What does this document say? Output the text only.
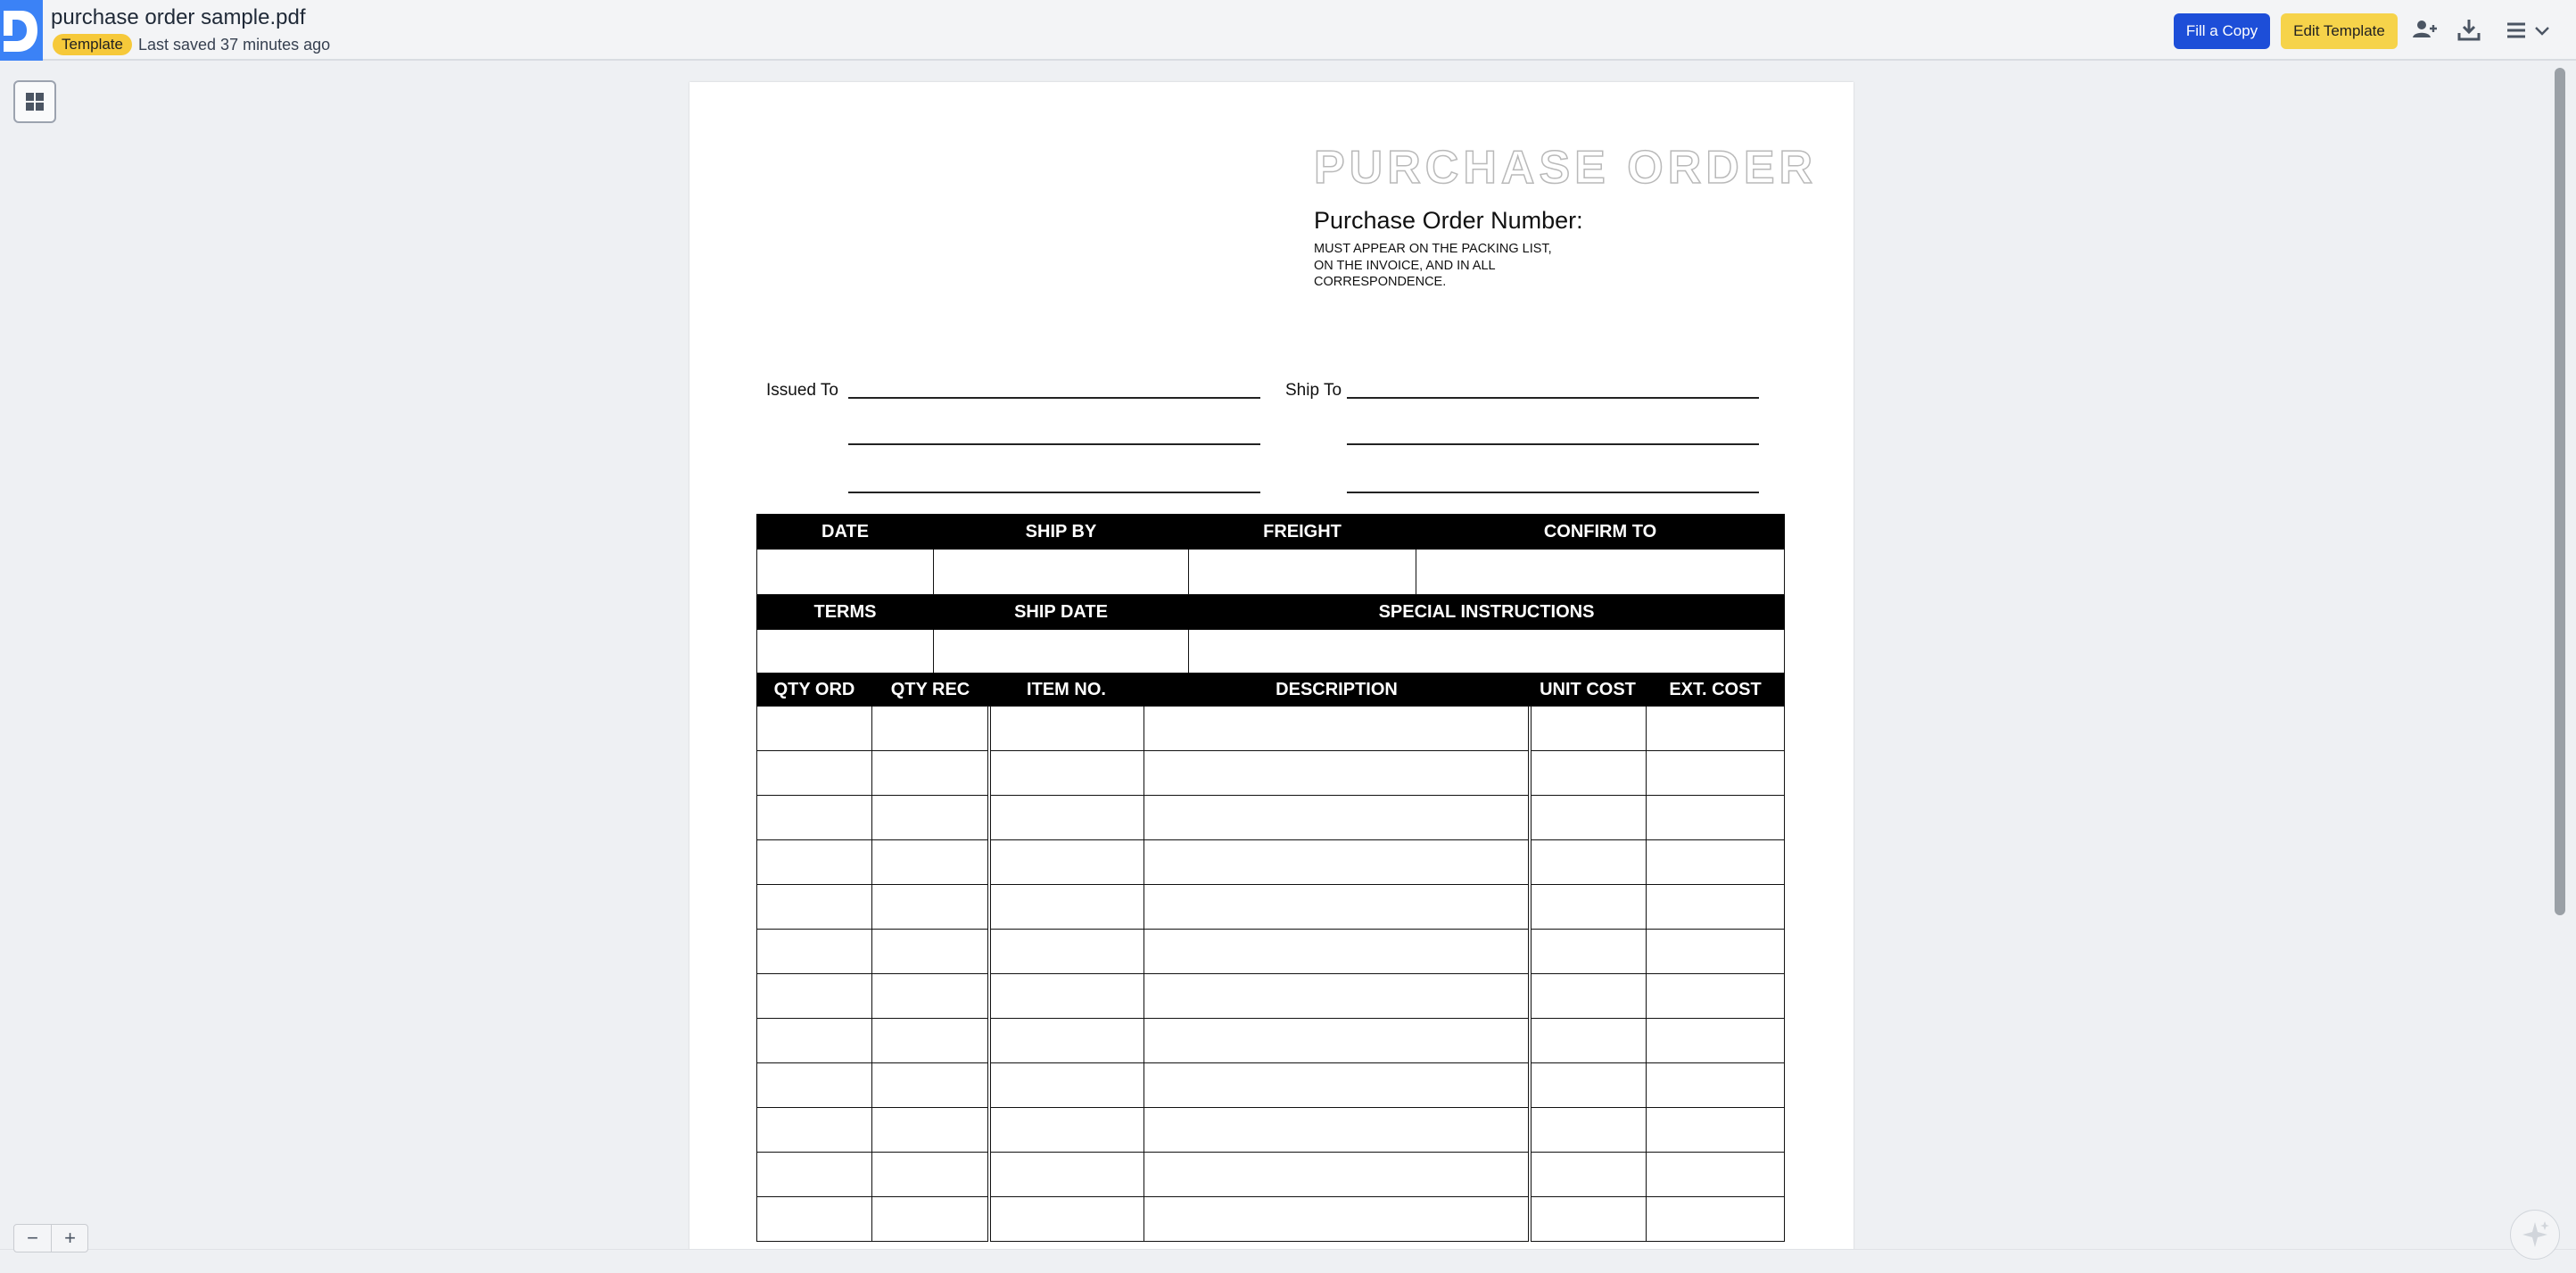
purchase order sample.pdf
Template Last saved 37 minutes ago
Fill a Copy	Edit Template
PURCHASE ORDER
Purchase Order Number:
MUST APPEAR ON THE PACKING LIST, ON THE INVOICE, AND IN ALL CORRESPONDENCE.
Issued To	Ship To
DATE	SHIP BY	FREIGHT	CONFIRM TO

TERMS	SHIP DATE	SPECIAL INSTRUCTIONS	

QTY ORD	QTY REC	ITEM NO.	DESCRIPTION	UNIT COST	EXT. COST

−	+
